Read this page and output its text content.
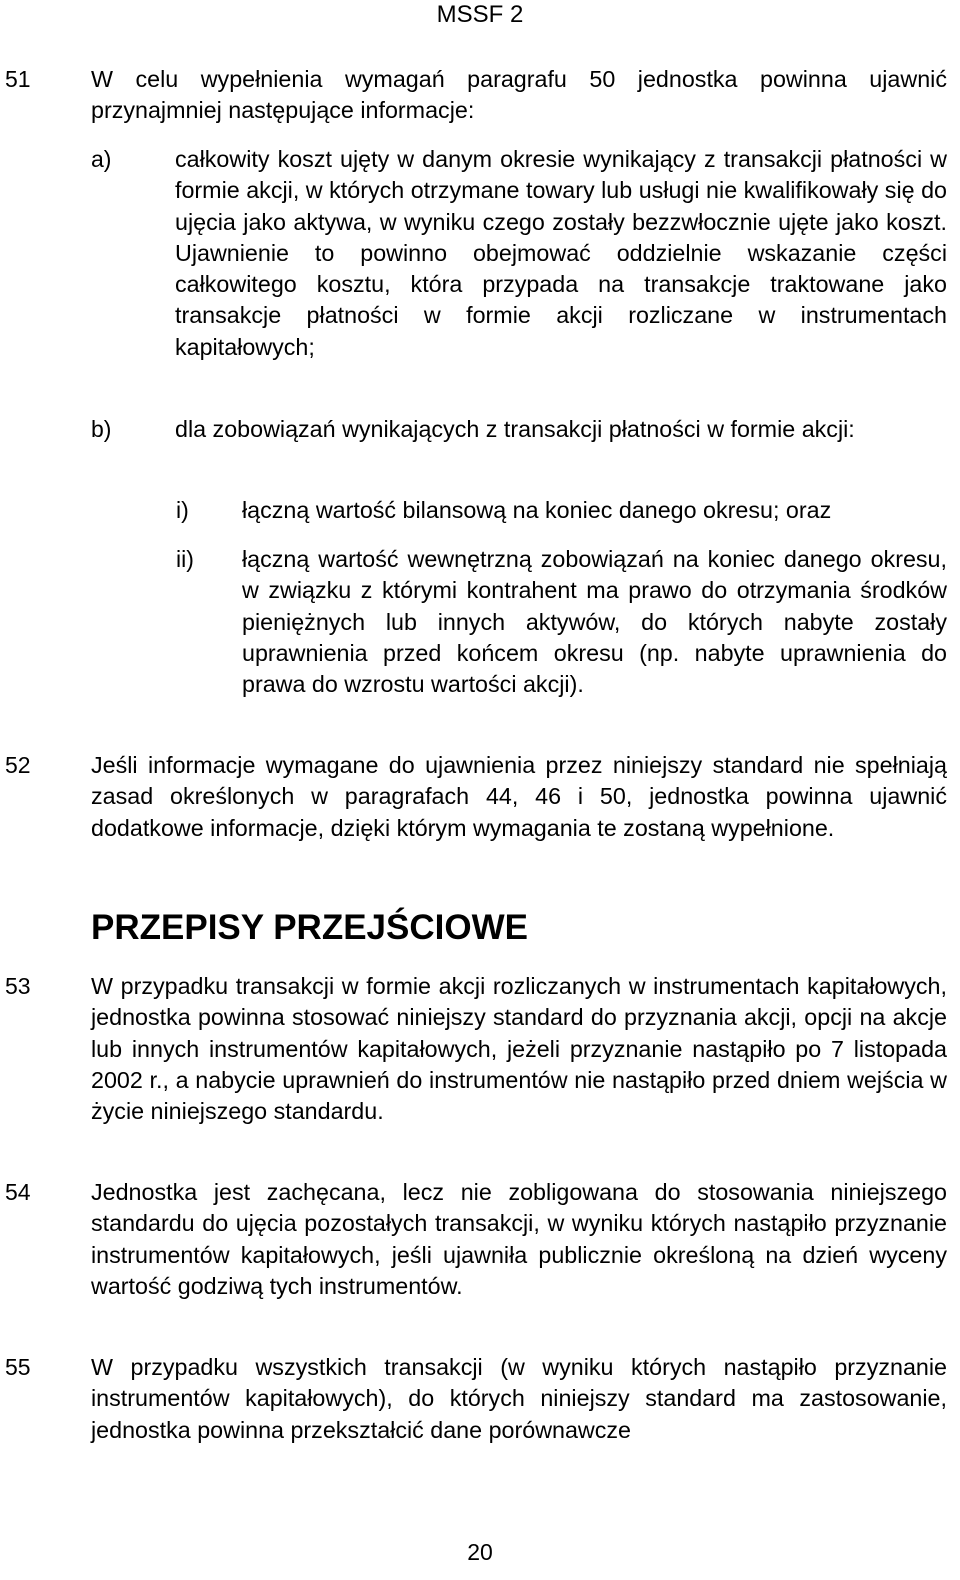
MSSF 2
51	W celu wypełnienia wymagań paragrafu 50 jednostka powinna ujawnić przynajmniej następujące informacje:

a)	całkowity koszt ujęty w danym okresie wynikający z transakcji płatności w formie akcji, w których otrzymane towary lub usługi nie kwalifikowały się do ujęcia jako aktywa, w wyniku czego zostały bezzwłocznie ujęte jako koszt. Ujawnienie to powinno obejmować oddzielnie wskazanie części całkowitego kosztu, która przypada na transakcje traktowane jako transakcje płatności w formie akcji rozliczane w instrumentach kapitałowych;

b)	dla zobowiązań wynikających z transakcji płatności w formie akcji:

i) łączną wartość bilansową na koniec danego okresu; oraz

ii) łączną wartość wewnętrzną zobowiązań na koniec danego okresu, w związku z którymi kontrahent ma prawo do otrzymania środków pieniężnych lub innych aktywów, do których nabyte zostały uprawnienia przed końcem okresu (np. nabyte uprawnienia do prawa do wzrostu wartości akcji).

52	Jeśli informacje wymagane do ujawnienia przez niniejszy standard nie spełniają zasad określonych w paragrafach 44, 46 i 50, jednostka powinna ujawnić dodatkowe informacje, dzięki którym wymagania te zostaną wypełnione.

PRZEPISY PRZEJŚCIOWE
53	W przypadku transakcji w formie akcji rozliczanych w instrumentach kapitałowych, jednostka powinna stosować niniejszy standard do przyznania akcji, opcji na akcje lub innych instrumentów kapitałowych, jeżeli przyznanie nastąpiło po 7 listopada 2002 r., a nabycie uprawnień do instrumentów nie nastąpiło przed dniem wejścia w życie niniejszego standardu.

54	Jednostka jest zachęcana, lecz nie zobligowana do stosowania niniejszego standardu do ujęcia pozostałych transakcji, w wyniku których nastąpiło przyznanie instrumentów kapitałowych, jeśli ujawniła publicznie określoną na dzień wyceny wartość godziwą tych instrumentów.

55	W przypadku wszystkich transakcji (w wyniku których nastąpiło przyznanie instrumentów kapitałowych), do których niniejszy standard ma zastosowanie, jednostka powinna przekształcić dane porównawcze

20
